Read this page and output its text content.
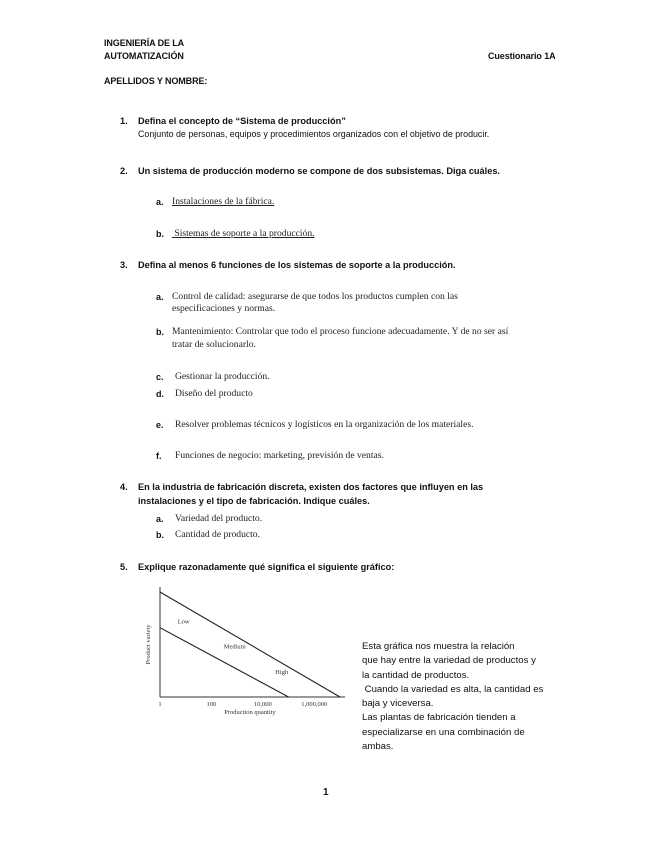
INGENIERÍA DE LA
AUTOMATIZACIÓN	Cuestionario 1A
APELLIDOS Y NOMBRE:
1. Defina el concepto de “Sistema de producción”
Conjunto de personas, equipos y procedimientos organizados con el objetivo de producir.
2. Un sistema de producción moderno se compone de dos subsistemas. Diga cuáles.
a. Instalaciones de la fábrica.
b. Sistemas de soporte a la producción.
3. Defina al menos 6 funciones de los sistemas de soporte a la producción.
a. Control de calidad: asegurarse de que todos los productos cumplen con las
especificaciones y normas.
b. Mantenimiento: Controlar que todo el proceso funcione adecuadamente. Y de no ser así
tratar de solucionarlo.
c. Gestionar la producción.
d. Diseño del producto
e. Resolver problemas técnicos y logísticos en la organización de los materiales.
f. Funciones de negocio: marketing, previsión de ventas.
4. En la industria de fabricación discreta, existen dos factores que influyen en las
instalaciones y el tipo de fabricación. Indique cuáles.
a. Variedad del producto.
b. Cantidad de producto.
5. Explique razonadamente qué significa el siguiente gráfico:
1	100	10,000	1,000,000
Production quantity
Product variety
Low
Medium
High
Esta gráfica nos muestra la relación
que hay entre la variedad de productos y
la cantidad de productos.
Cuando la variedad es alta, la cantidad es
baja y viceversa.
Las plantas de fabricación tienden a
especializarse en una combinación de
ambas.
1
